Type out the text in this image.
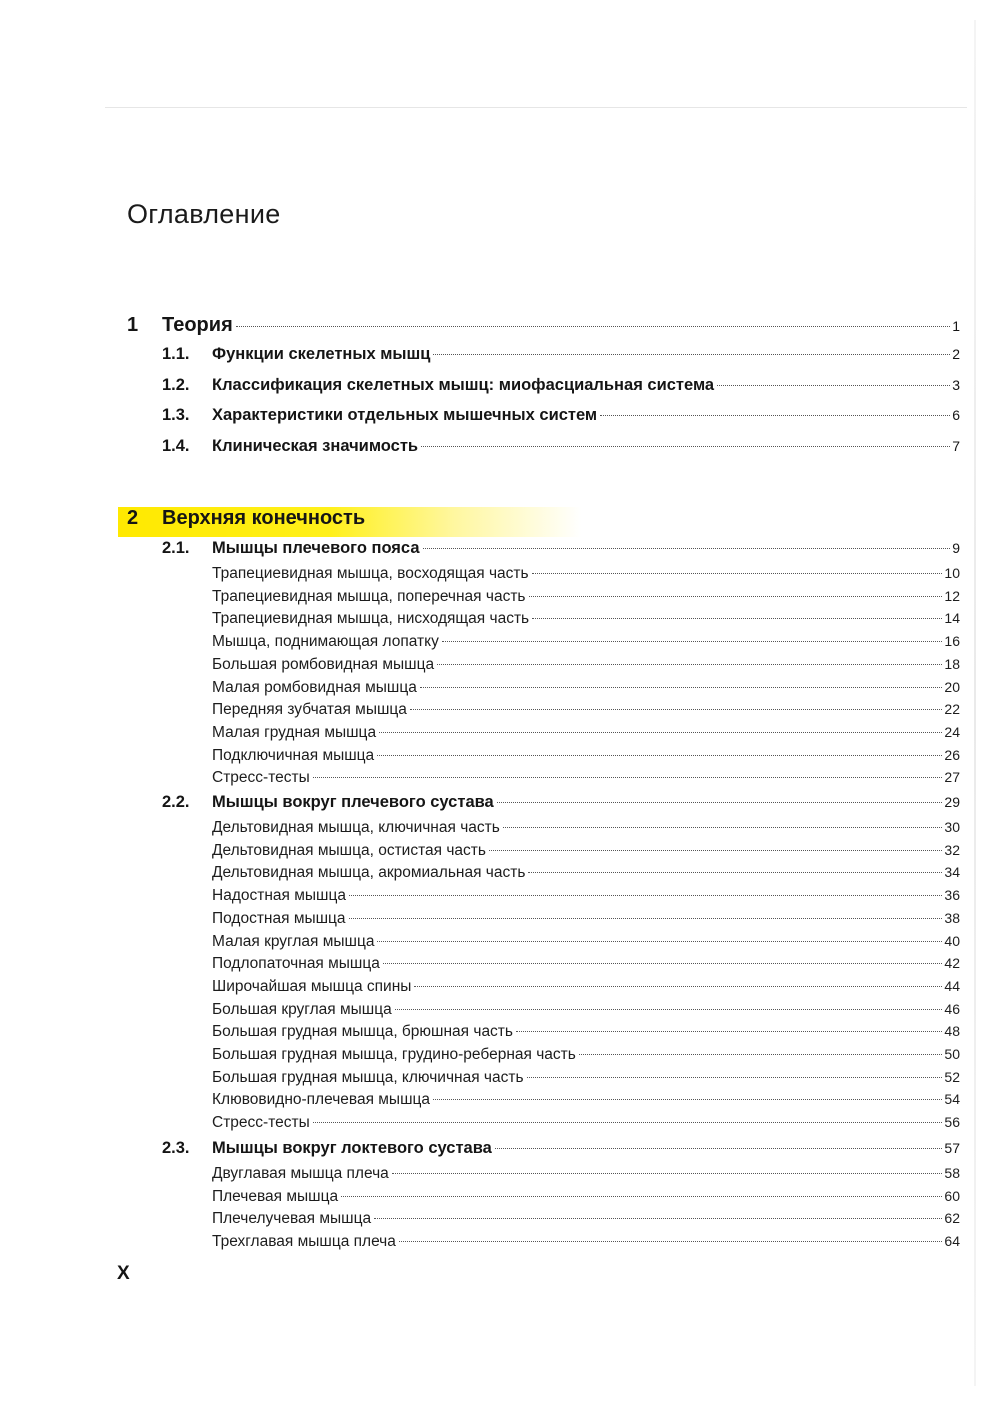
Оглавление
1	Теория	1
1.1.	Функции скелетных мышц	2
1.2.	Классификация скелетных мышц: миофасциальная система	3
1.3.	Характеристики отдельных мышечных систем	6
1.4.	Клиническая значимость	7
2	Верхняя конечность
2.1.	Мышцы плечевого пояса	9
Трапециевидная мышца, восходящая часть	10
Трапециевидная мышца, поперечная часть	12
Трапециевидная мышца, нисходящая часть	14
Мышца, поднимающая лопатку	16
Большая ромбовидная мышца	18
Малая ромбовидная мышца	20
Передняя зубчатая мышца	22
Малая грудная мышца	24
Подключичная мышца	26
Стресс-тесты	27
2.2.	Мышцы вокруг плечевого сустава	29
Дельтовидная мышца, ключичная часть	30
Дельтовидная мышца, остистая часть	32
Дельтовидная мышца, акромиальная часть	34
Надостная мышца	36
Подостная мышца	38
Малая круглая мышца	40
Подлопаточная мышца	42
Широчайшая мышца спины	44
Большая круглая мышца	46
Большая грудная мышца, брюшная часть	48
Большая грудная мышца, грудино-реберная часть	50
Большая грудная мышца, ключичная часть	52
Клювовидно-плечевая мышца	54
Стресс-тесты	56
2.3.	Мышцы вокруг локтевого сустава	57
Двуглавая мышца плеча	58
Плечевая мышца	60
Плечелучевая мышца	62
Трехглавая мышца плеча	64
X
